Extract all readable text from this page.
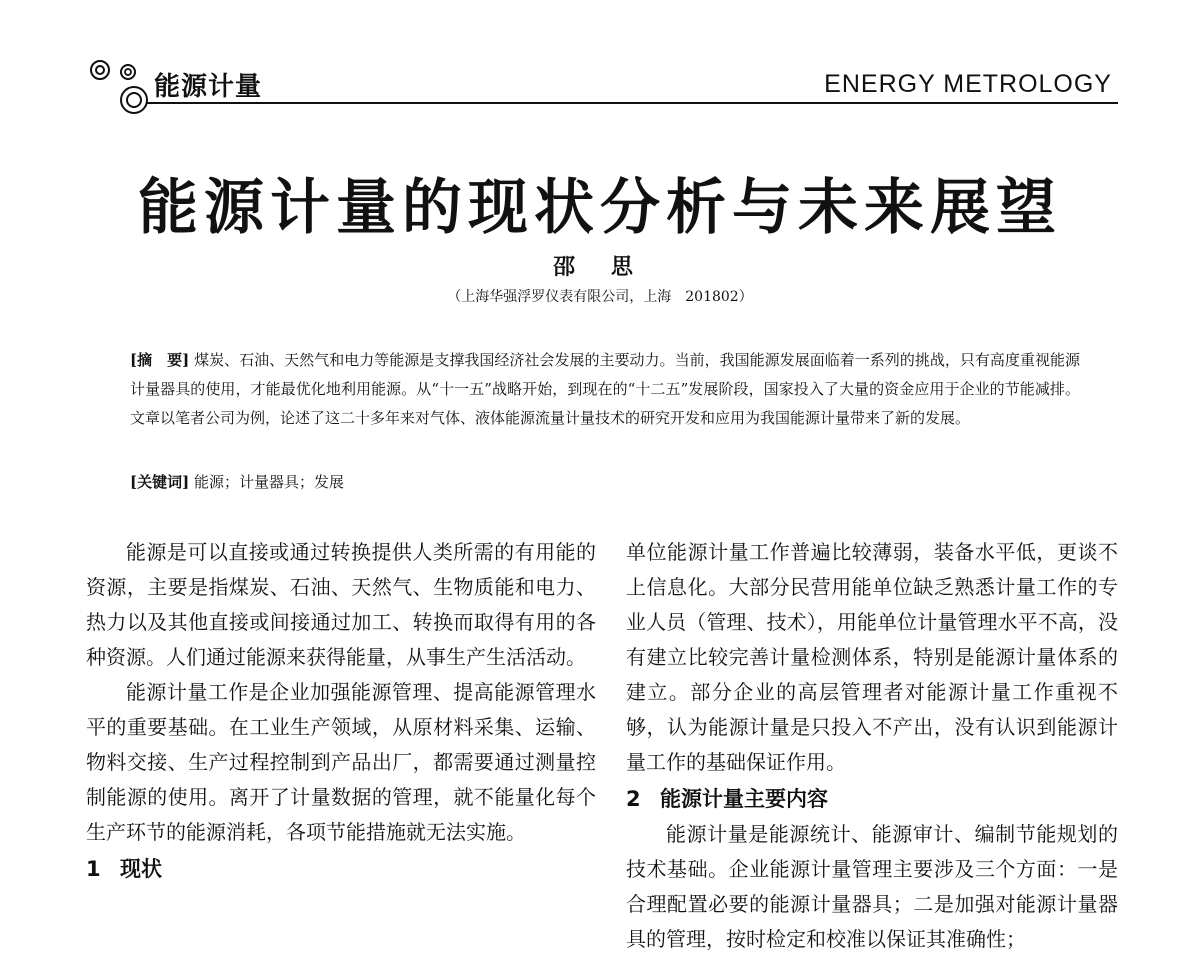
能源计量	ENERGY METROLOGY
能源计量的现状分析与未来展望
邵 思
（上海华强浮罗仪表有限公司，上海　201802）
[摘　要] 煤炭、石油、天然气和电力等能源是支撑我国经济社会发展的主要动力。当前，我国能源发展面临着一系列的挑战，只有高度重视能源计量器具的使用，才能最优化地利用能源。从“十一五”战略开始，到现在的“十二五”发展阶段，国家投入了大量的资金应用于企业的节能减排。文章以笔者公司为例，论述了这二十多年来对气体、液体能源流量计量技术的研究开发和应用为我国能源计量带来了新的发展。
[关键词] 能源；计量器具；发展

能源是可以直接或通过转换提供人类所需的有用能的资源，主要是指煤炭、石油、天然气、生物质能和电力、热力以及其他直接或间接通过加工、转换而取得有用的各种资源。人们通过能源来获得能量，从事生产生活活动。

能源计量工作是企业加强能源管理、提高能源管理水平的重要基础。在工业生产领域，从原材料采集、运输、物料交接、生产过程控制到产品出厂，都需要通过测量控制能源的使用。离开了计量数据的管理，就不能量化每个生产环节的能源消耗，各项节能措施就无法实施。

1 现状

单位能源计量工作普遍比较薄弱，装备水平低，更谈不上信息化。大部分民营用能单位缺乏熟悉计量工作的专业人员（管理、技术），用能单位计量管理水平不高，没有建立比较完善计量检测体系，特别是能源计量体系的建立。部分企业的高层管理者对能源计量工作重视不够，认为能源计量是只投入不产出，没有认识到能源计量工作的基础保证作用。

2 能源计量主要内容

能源计量是能源统计、能源审计、编制节能规划的技术基础。企业能源计量管理主要涉及三个方面：一是合理配置必要的能源计量器具；二是加强对能源计量器具的管理，按时检定和校准以保证其准确性；
